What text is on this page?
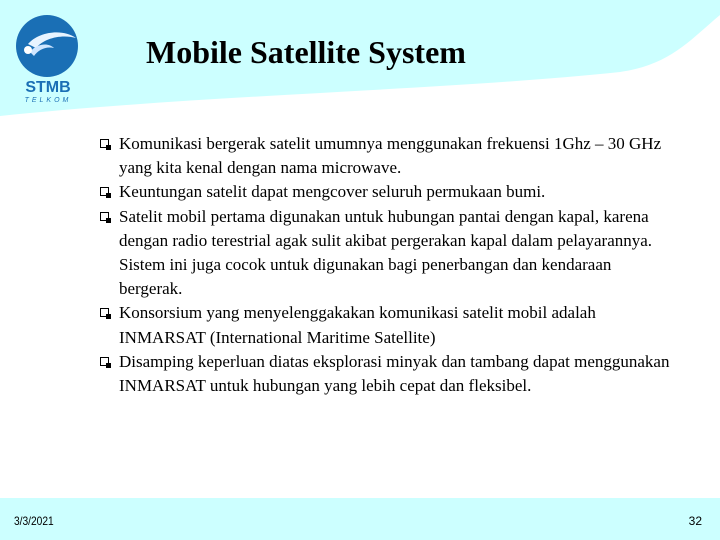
STMB
TELKOM
Mobile Satellite System
Komunikasi bergerak satelit umumnya menggunakan frekuensi 1Ghz – 30 GHz yang kita kenal dengan nama microwave.
Keuntungan satelit dapat mengcover seluruh permukaan bumi.
Satelit mobil pertama digunakan untuk hubungan pantai dengan kapal, karena dengan radio terestrial agak sulit akibat pergerakan kapal dalam pelayarannya. Sistem ini juga cocok untuk digunakan bagi penerbangan dan kendaraan bergerak.
Konsorsium yang menyelenggakakan komunikasi satelit mobil adalah INMARSAT (International Maritime Satellite)
Disamping keperluan diatas eksplorasi minyak dan tambang dapat menggunakan INMARSAT untuk hubungan yang lebih cepat dan fleksibel.
3/3/2021	32
